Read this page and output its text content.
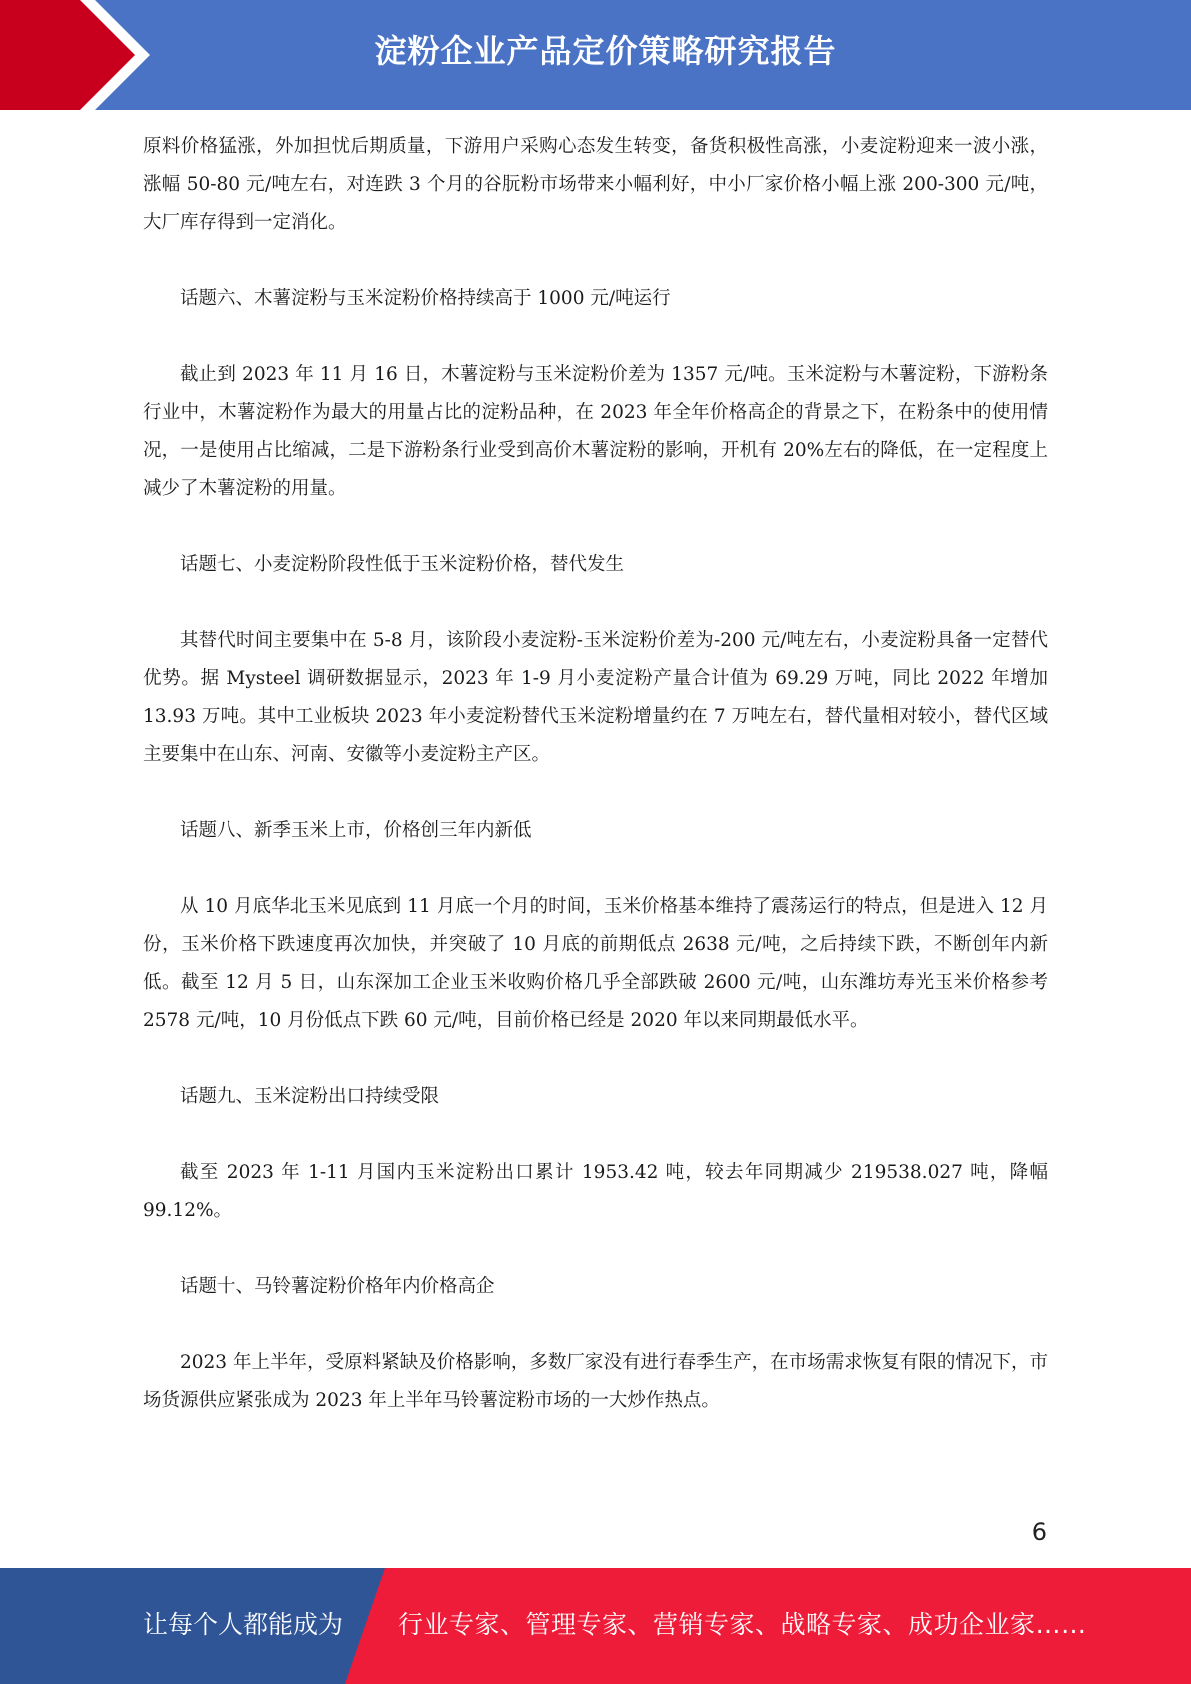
淀粉企业产品定价策略研究报告

原料价格猛涨，外加担忧后期质量，下游用户采购心态发生转变，备货积极性高涨，小麦淀粉迎来一波小涨，涨幅 50-80 元/吨左右，对连跌 3 个月的谷朊粉市场带来小幅利好，中小厂家价格小幅上涨 200-300 元/吨，大厂库存得到一定消化。

话题六、木薯淀粉与玉米淀粉价格持续高于 1000 元/吨运行

截止到 2023 年 11 月 16 日，木薯淀粉与玉米淀粉价差为 1357 元/吨。玉米淀粉与木薯淀粉，下游粉条行业中，木薯淀粉作为最大的用量占比的淀粉品种，在 2023 年全年价格高企的背景之下，在粉条中的使用情况，一是使用占比缩减，二是下游粉条行业受到高价木薯淀粉的影响，开机有 20%左右的降低，在一定程度上减少了木薯淀粉的用量。

话题七、小麦淀粉阶段性低于玉米淀粉价格，替代发生

其替代时间主要集中在 5-8 月，该阶段小麦淀粉-玉米淀粉价差为-200 元/吨左右，小麦淀粉具备一定替代优势。据 Mysteel 调研数据显示，2023 年 1-9 月小麦淀粉产量合计值为 69.29 万吨，同比 2022 年增加 13.93 万吨。其中工业板块 2023 年小麦淀粉替代玉米淀粉增量约在 7 万吨左右，替代量相对较小，替代区域主要集中在山东、河南、安徽等小麦淀粉主产区。

话题八、新季玉米上市，价格创三年内新低

从 10 月底华北玉米见底到 11 月底一个月的时间，玉米价格基本维持了震荡运行的特点，但是进入 12 月份，玉米价格下跌速度再次加快，并突破了 10 月底的前期低点 2638 元/吨，之后持续下跌，不断创年内新低。截至 12 月 5 日，山东深加工企业玉米收购价格几乎全部跌破 2600 元/吨，山东潍坊寿光玉米价格参考 2578 元/吨，10 月份低点下跌 60 元/吨，目前价格已经是 2020 年以来同期最低水平。

话题九、玉米淀粉出口持续受限

截至 2023 年 1-11 月国内玉米淀粉出口累计 1953.42 吨，较去年同期减少 219538.027 吨，降幅 99.12%。

话题十、马铃薯淀粉价格年内价格高企

2023 年上半年，受原料紧缺及价格影响，多数厂家没有进行春季生产，在市场需求恢复有限的情况下，市场货源供应紧张成为 2023 年上半年马铃薯淀粉市场的一大炒作热点。

6
让每个人都能成为 行业专家、管理专家、营销专家、战略专家、成功企业家……
